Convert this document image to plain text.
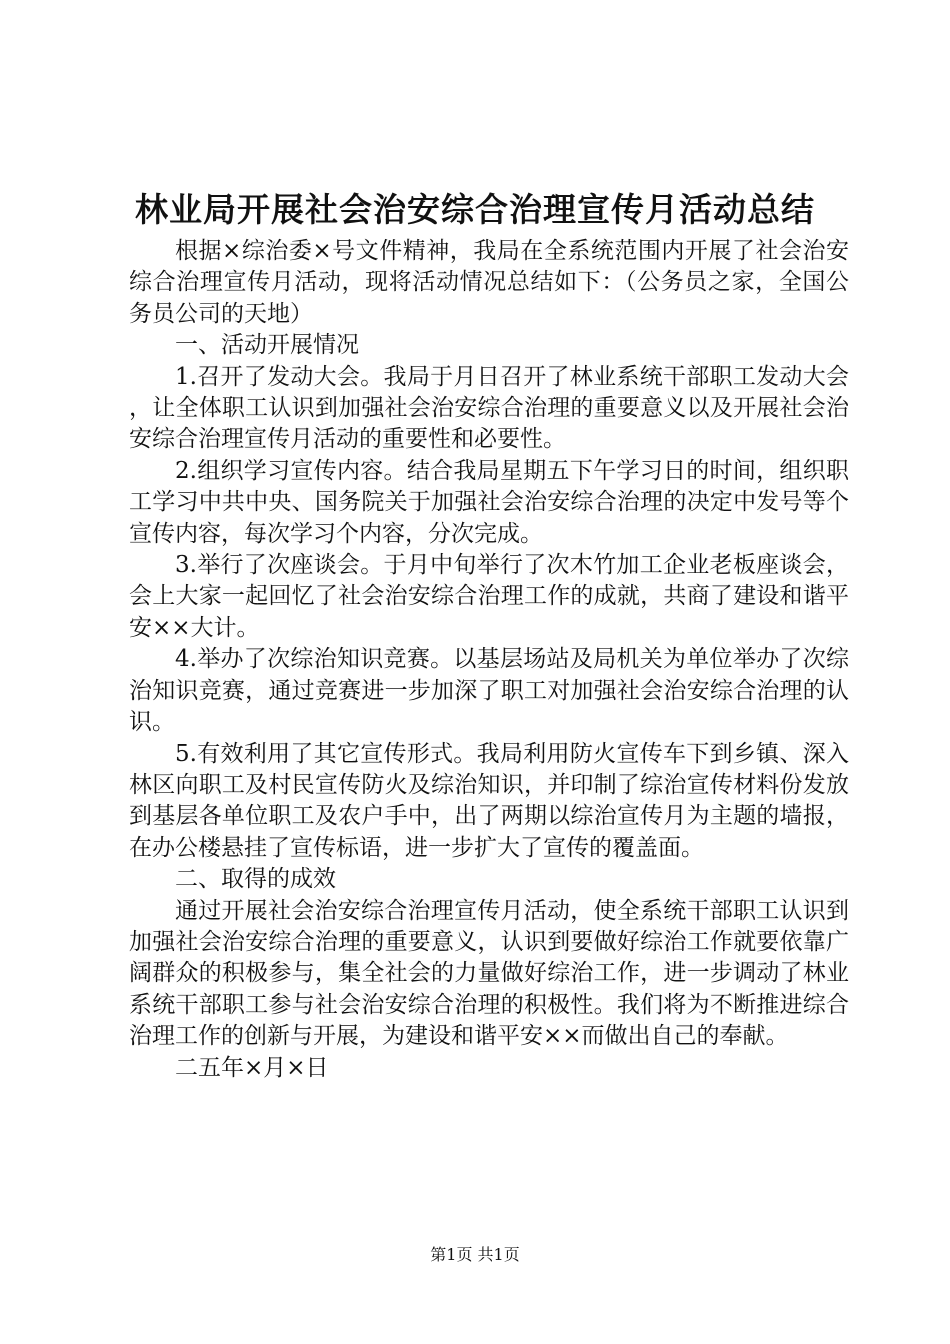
林业局开展社会治安综合治理宣传月活动总结

根据×综治委×号文件精神，我局在全系统范围内开展了社会治安综合治理宣传月活动，现将活动情况总结如下：（公务员之家，全国公务员公司的天地）

一、活动开展情况

1.召开了发动大会。我局于月日召开了林业系统干部职工发动大会，让全体职工认识到加强社会治安综合治理的重要意义以及开展社会治安综合治理宣传月活动的重要性和必要性。

2.组织学习宣传内容。结合我局星期五下午学习日的时间，组织职工学习中共中央、国务院关于加强社会治安综合治理的决定中发号等个宣传内容，每次学习个内容，分次完成。

3.举行了次座谈会。于月中旬举行了次木竹加工企业老板座谈会，会上大家一起回忆了社会治安综合治理工作的成就，共商了建设和谐平安××大计。

4.举办了次综治知识竞赛。以基层场站及局机关为单位举办了次综治知识竞赛，通过竞赛进一步加深了职工对加强社会治安综合治理的认识。

5.有效利用了其它宣传形式。我局利用防火宣传车下到乡镇、深入林区向职工及村民宣传防火及综治知识，并印制了综治宣传材料份发放到基层各单位职工及农户手中，出了两期以综治宣传月为主题的墙报，在办公楼悬挂了宣传标语，进一步扩大了宣传的覆盖面。

二、取得的成效

通过开展社会治安综合治理宣传月活动，使全系统干部职工认识到加强社会治安综合治理的重要意义，认识到要做好综治工作就要依靠广阔群众的积极参与，集全社会的力量做好综治工作，进一步调动了林业系统干部职工参与社会治安综合治理的积极性。我们将为不断推进综合治理工作的创新与开展，为建设和谐平安××而做出自己的奉献。

二五年×月×日

第1页 共1页
